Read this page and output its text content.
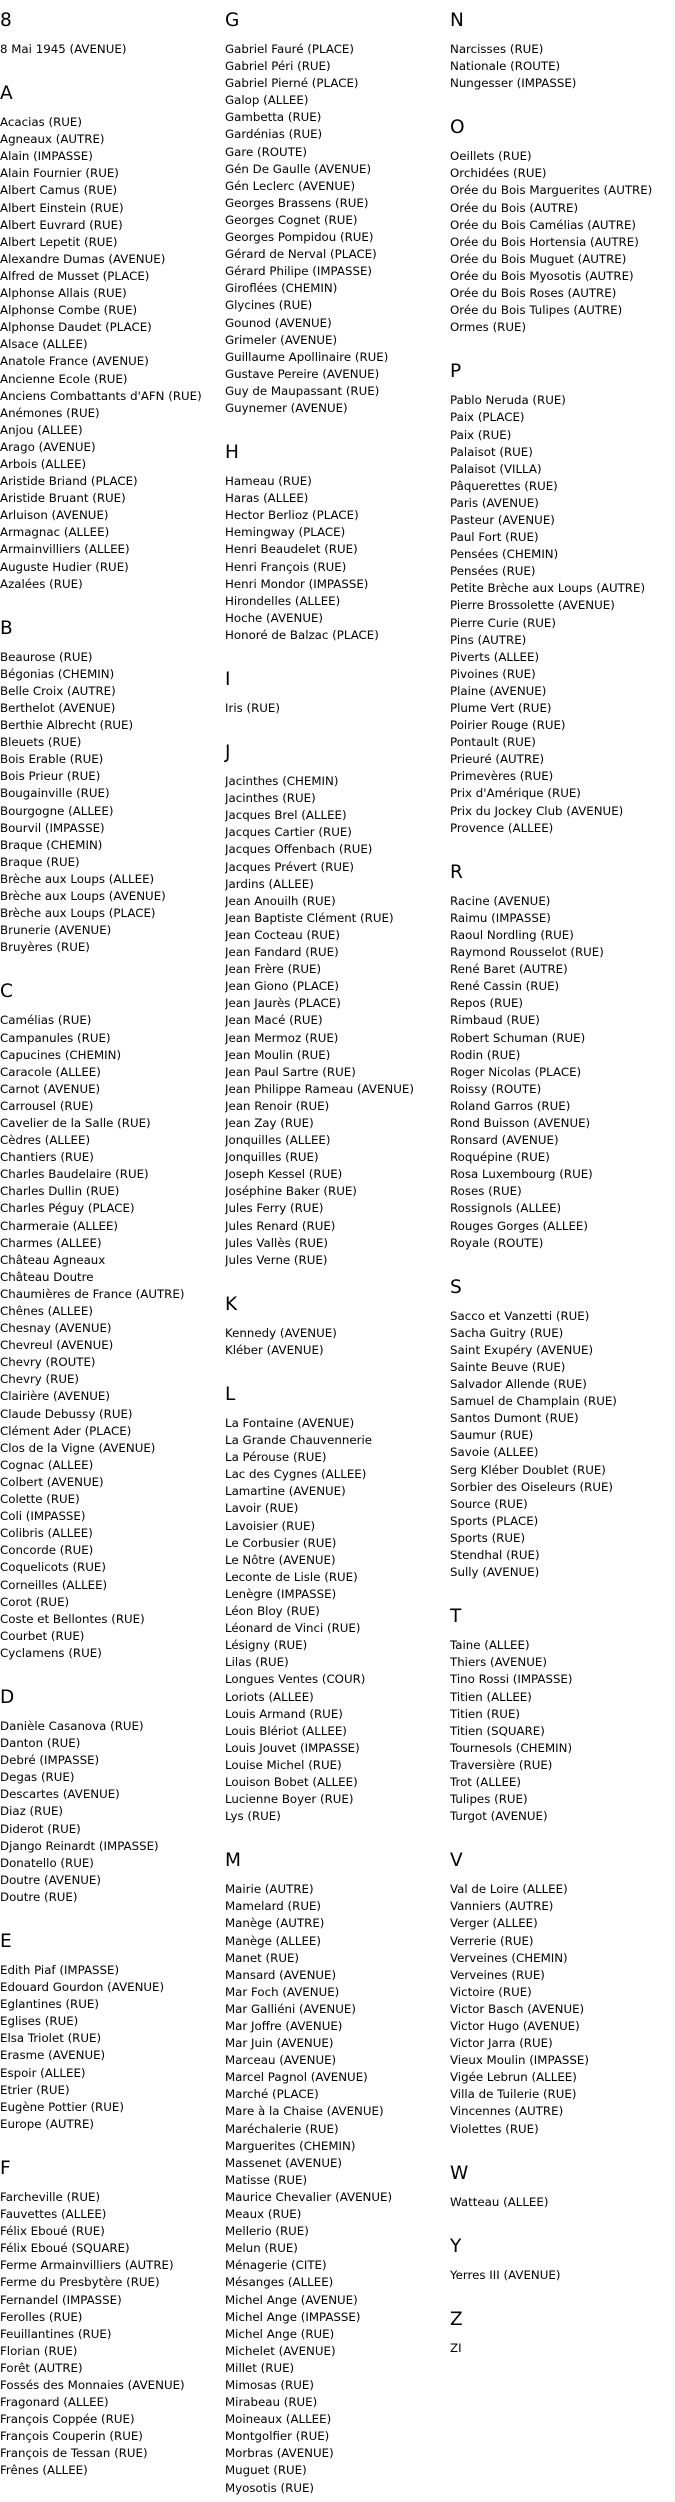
8
8 Mai 1945 (AVENUE)
A
Acacias (RUE)
Agneaux (AUTRE)
Alain (IMPASSE)
Alain Fournier (RUE)
Albert Camus (RUE)
Albert Einstein (RUE)
Albert Euvrard (RUE)
Albert Lepetit (RUE)
Alexandre Dumas (AVENUE)
Alfred de Musset (PLACE)
Alphonse Allais (RUE)
Alphonse Combe (RUE)
Alphonse Daudet (PLACE)
Alsace (ALLEE)
Anatole France (AVENUE)
Ancienne Ecole (RUE)
Anciens Combattants d'AFN (RUE)
Anémones (RUE)
Anjou (ALLEE)
Arago (AVENUE)
Arbois (ALLEE)
Aristide Briand (PLACE)
Aristide Bruant (RUE)
Arluison (AVENUE)
Armagnac (ALLEE)
Armainvilliers (ALLEE)
Auguste Hudier (RUE)
Azalées (RUE)
B
Beaurose (RUE)
Bégonias (CHEMIN)
Belle Croix (AUTRE)
Berthelot (AVENUE)
Berthie Albrecht (RUE)
Bleuets (RUE)
Bois Erable (RUE)
Bois Prieur (RUE)
Bougainville (RUE)
Bourgogne (ALLEE)
Bourvil (IMPASSE)
Braque (CHEMIN)
Braque (RUE)
Brèche aux Loups (ALLEE)
Brèche aux Loups (AVENUE)
Brèche aux Loups (PLACE)
Brunerie (AVENUE)
Bruyères (RUE)
C
Camélias (RUE)
Campanules (RUE)
Capucines (CHEMIN)
Caracole (ALLEE)
Carnot (AVENUE)
Carrousel (RUE)
Cavelier de la Salle (RUE)
Cèdres (ALLEE)
Chantiers (RUE)
Charles Baudelaire (RUE)
Charles Dullin (RUE)
Charles Péguy (PLACE)
Charmeraie (ALLEE)
Charmes (ALLEE)
Château Agneaux
Château Doutre
Chaumières de France (AUTRE)
Chênes (ALLEE)
Chesnay (AVENUE)
Chevreul (AVENUE)
Chevry (ROUTE)
Chevry (RUE)
Clairière (AVENUE)
Claude Debussy (RUE)
Clément Ader (PLACE)
Clos de la Vigne (AVENUE)
Cognac (ALLEE)
Colbert (AVENUE)
Colette (RUE)
Coli (IMPASSE)
Colibris (ALLEE)
Concorde (RUE)
Coquelicots (RUE)
Corneilles (ALLEE)
Corot (RUE)
Coste et Bellontes (RUE)
Courbet (RUE)
Cyclamens (RUE)
D
Danièle Casanova (RUE)
Danton (RUE)
Debré (IMPASSE)
Degas (RUE)
Descartes (AVENUE)
Diaz (RUE)
Diderot (RUE)
Django Reinardt (IMPASSE)
Donatello (RUE)
Doutre (AVENUE)
Doutre (RUE)
E
Edith Piaf (IMPASSE)
Edouard Gourdon (AVENUE)
Eglantines (RUE)
Eglises (RUE)
Elsa Triolet (RUE)
Erasme (AVENUE)
Espoir (ALLEE)
Etrier (RUE)
Eugène Pottier (RUE)
Europe (AUTRE)
F
Farcheville (RUE)
Fauvettes (ALLEE)
Félix Eboué (RUE)
Félix Eboué (SQUARE)
Ferme Armainvilliers (AUTRE)
Ferme du Presbytère (RUE)
Fernandel (IMPASSE)
Ferolles (RUE)
Feuillantines (RUE)
Florian (RUE)
Forêt (AUTRE)
Fossés des Monnaies (AVENUE)
Fragonard (ALLEE)
François Coppée (RUE)
François Couperin (RUE)
François de Tessan (RUE)
Frênes (ALLEE)
G
Gabriel Fauré (PLACE)
Gabriel Péri (RUE)
Gabriel Pierné (PLACE)
Galop (ALLEE)
Gambetta (RUE)
Gardénias (RUE)
Gare (ROUTE)
Gén De Gaulle (AVENUE)
Gén Leclerc (AVENUE)
Georges Brassens (RUE)
Georges Cognet (RUE)
Georges Pompidou (RUE)
Gérard de Nerval (PLACE)
Gérard Philipe (IMPASSE)
Giroflées (CHEMIN)
Glycines (RUE)
Gounod (AVENUE)
Grimeler (AVENUE)
Guillaume Apollinaire (RUE)
Gustave Pereire (AVENUE)
Guy de Maupassant (RUE)
Guynemer (AVENUE)
H
Hameau (RUE)
Haras (ALLEE)
Hector Berlioz (PLACE)
Hemingway (PLACE)
Henri Beaudelet (RUE)
Henri François (RUE)
Henri Mondor (IMPASSE)
Hirondelles (ALLEE)
Hoche (AVENUE)
Honoré de Balzac (PLACE)
I
Iris (RUE)
J
Jacinthes (CHEMIN)
Jacinthes (RUE)
Jacques Brel (ALLEE)
Jacques Cartier (RUE)
Jacques Offenbach (RUE)
Jacques Prévert (RUE)
Jardins (ALLEE)
Jean Anouilh (RUE)
Jean Baptiste Clément (RUE)
Jean Cocteau (RUE)
Jean Fandard (RUE)
Jean Frère (RUE)
Jean Giono (PLACE)
Jean Jaurès (PLACE)
Jean Macé (RUE)
Jean Mermoz (RUE)
Jean Moulin (RUE)
Jean Paul Sartre (RUE)
Jean Philippe Rameau (AVENUE)
Jean Renoir (RUE)
Jean Zay (RUE)
Jonquilles (ALLEE)
Jonquilles (RUE)
Joseph Kessel (RUE)
Joséphine Baker (RUE)
Jules Ferry (RUE)
Jules Renard (RUE)
Jules Vallès (RUE)
Jules Verne (RUE)
K
Kennedy (AVENUE)
Kléber (AVENUE)
L
La Fontaine (AVENUE)
La Grande Chauvennerie
La Pérouse (RUE)
Lac des Cygnes (ALLEE)
Lamartine (AVENUE)
Lavoir (RUE)
Lavoisier (RUE)
Le Corbusier (RUE)
Le Nôtre (AVENUE)
Leconte de Lisle (RUE)
Lenègre (IMPASSE)
Léon Bloy (RUE)
Léonard de Vinci (RUE)
Lésigny (RUE)
Lilas (RUE)
Longues Ventes (COUR)
Loriots (ALLEE)
Louis Armand (RUE)
Louis Blériot (ALLEE)
Louis Jouvet (IMPASSE)
Louise Michel (RUE)
Louison Bobet (ALLEE)
Lucienne Boyer (RUE)
Lys (RUE)
M
Mairie (AUTRE)
Mamelard (RUE)
Manège (AUTRE)
Manège (ALLEE)
Manet (RUE)
Mansard (AVENUE)
Mar Foch (AVENUE)
Mar Galliéni (AVENUE)
Mar Joffre (AVENUE)
Mar Juin (AVENUE)
Marceau (AVENUE)
Marcel Pagnol (AVENUE)
Marché (PLACE)
Mare à la Chaise (AVENUE)
Maréchalerie (RUE)
Marguerites (CHEMIN)
Massenet (AVENUE)
Matisse (RUE)
Maurice Chevalier (AVENUE)
Meaux (RUE)
Mellerio (RUE)
Melun (RUE)
Ménagerie (CITE)
Mésanges (ALLEE)
Michel Ange (AVENUE)
Michel Ange (IMPASSE)
Michel Ange (RUE)
Michelet (AVENUE)
Millet (RUE)
Mimosas (RUE)
Mirabeau (RUE)
Moineaux (ALLEE)
Montgolfier (RUE)
Morbras (AVENUE)
Muguet (RUE)
Myosotis (RUE)
N
Narcisses (RUE)
Nationale (ROUTE)
Nungesser (IMPASSE)
O
Oeillets (RUE)
Orchidées (RUE)
Orée du Bois Marguerites (AUTRE)
Orée du Bois (AUTRE)
Orée du Bois Camélias (AUTRE)
Orée du Bois Hortensia (AUTRE)
Orée du Bois Muguet (AUTRE)
Orée du Bois Myosotis (AUTRE)
Orée du Bois Roses (AUTRE)
Orée du Bois Tulipes (AUTRE)
Ormes (RUE)
P
Pablo Neruda (RUE)
Paix (PLACE)
Paix (RUE)
Palaisot (RUE)
Palaisot (VILLA)
Pâquerettes (RUE)
Paris (AVENUE)
Pasteur (AVENUE)
Paul Fort (RUE)
Pensées (CHEMIN)
Pensées (RUE)
Petite Brèche aux Loups (AUTRE)
Pierre Brossolette (AVENUE)
Pierre Curie (RUE)
Pins (AUTRE)
Piverts (ALLEE)
Pivoines (RUE)
Plaine (AVENUE)
Plume Vert (RUE)
Poirier Rouge (RUE)
Pontault (RUE)
Prieuré (AUTRE)
Primevères (RUE)
Prix d'Amérique (RUE)
Prix du Jockey Club (AVENUE)
Provence (ALLEE)
R
Racine (AVENUE)
Raimu (IMPASSE)
Raoul Nordling (RUE)
Raymond Rousselot (RUE)
René Baret (AUTRE)
René Cassin (RUE)
Repos (RUE)
Rimbaud (RUE)
Robert Schuman (RUE)
Rodin (RUE)
Roger Nicolas (PLACE)
Roissy (ROUTE)
Roland Garros (RUE)
Rond Buisson (AVENUE)
Ronsard (AVENUE)
Roquépine (RUE)
Rosa Luxembourg (RUE)
Roses (RUE)
Rossignols (ALLEE)
Rouges Gorges (ALLEE)
Royale (ROUTE)
S
Sacco et Vanzetti (RUE)
Sacha Guitry (RUE)
Saint Exupéry (AVENUE)
Sainte Beuve (RUE)
Salvador Allende (RUE)
Samuel de Champlain (RUE)
Santos Dumont (RUE)
Saumur (RUE)
Savoie (ALLEE)
Serg Kléber Doublet (RUE)
Sorbier des Oiseleurs (RUE)
Source (RUE)
Sports (PLACE)
Sports (RUE)
Stendhal (RUE)
Sully (AVENUE)
T
Taine (ALLEE)
Thiers (AVENUE)
Tino Rossi (IMPASSE)
Titien (ALLEE)
Titien (RUE)
Titien (SQUARE)
Tournesols (CHEMIN)
Traversière (RUE)
Trot (ALLEE)
Tulipes (RUE)
Turgot (AVENUE)
V
Val de Loire (ALLEE)
Vanniers (AUTRE)
Verger (ALLEE)
Verrerie (RUE)
Verveines (CHEMIN)
Verveines (RUE)
Victoire (RUE)
Victor Basch (AVENUE)
Victor Hugo (AVENUE)
Victor Jarra (RUE)
Vieux Moulin (IMPASSE)
Vigée Lebrun (ALLEE)
Villa de Tuilerie (RUE)
Vincennes (AUTRE)
Violettes (RUE)
W
Watteau (ALLEE)
Y
Yerres III (AVENUE)
Z
ZI
